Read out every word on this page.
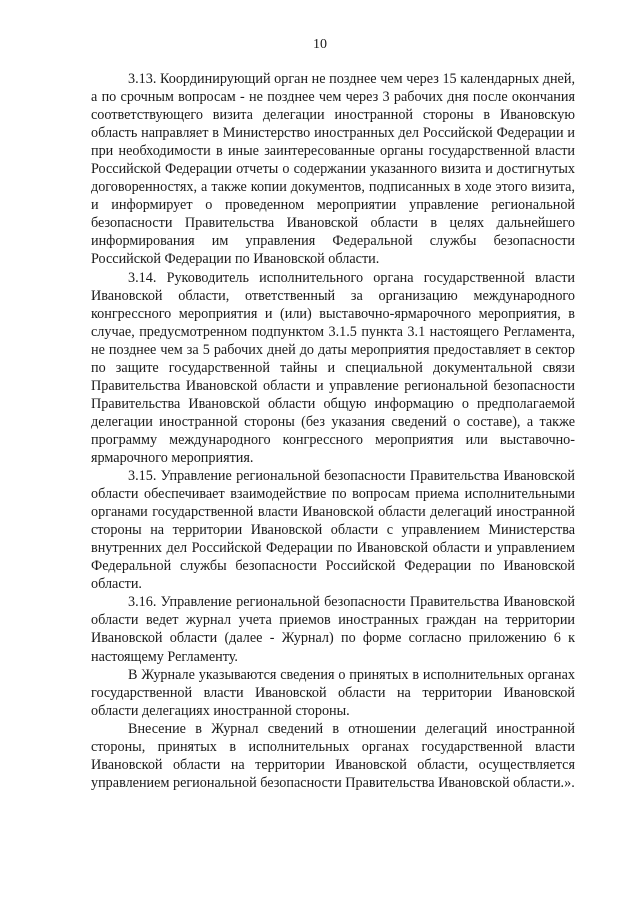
10

3.13. Координирующий орган не позднее чем через 15 календарных дней, а по срочным вопросам - не позднее чем через 3 рабочих дня после окончания соответствующего визита делегации иностранной стороны в Ивановскую область направляет в Министерство иностранных дел Российской Федерации и при необходимости в иные заинтересованные органы государственной власти Российской Федерации отчеты о содержании указанного визита и достигнутых договоренностях, а также копии документов, подписанных в ходе этого визита, и информирует о проведенном мероприятии управление региональной безопасности Правительства Ивановской области в целях дальнейшего информирования им управления Федеральной службы безопасности Российской Федерации по Ивановской области.

3.14. Руководитель исполнительного органа государственной власти Ивановской области, ответственный за организацию международного конгрессного мероприятия и (или) выставочно-ярмарочного мероприятия, в случае, предусмотренном подпунктом 3.1.5 пункта 3.1 настоящего Регламента, не позднее чем за 5 рабочих дней до даты мероприятия предоставляет в сектор по защите государственной тайны и специальной документальной связи Правительства Ивановской области и управление региональной безопасности Правительства Ивановской области общую информацию о предполагаемой делегации иностранной стороны (без указания сведений о составе), а также программу международного конгрессного мероприятия или выставочно-ярмарочного мероприятия.

3.15. Управление региональной безопасности Правительства Ивановской области обеспечивает взаимодействие по вопросам приема исполнительными органами государственной власти Ивановской области делегаций иностранной стороны на территории Ивановской области с управлением Министерства внутренних дел Российской Федерации по Ивановской области и управлением Федеральной службы безопасности Российской Федерации по Ивановской области.

3.16. Управление региональной безопасности Правительства Ивановской области ведет журнал учета приемов иностранных граждан на территории Ивановской области (далее - Журнал) по форме согласно приложению 6 к настоящему Регламенту.

В Журнале указываются сведения о принятых в исполнительных органах государственной власти Ивановской области на территории Ивановской области делегациях иностранной стороны.

Внесение в Журнал сведений в отношении делегаций иностранной стороны, принятых в исполнительных органах государственной власти Ивановской области на территории Ивановской области, осуществляется управлением региональной безопасности Правительства Ивановской области.».
